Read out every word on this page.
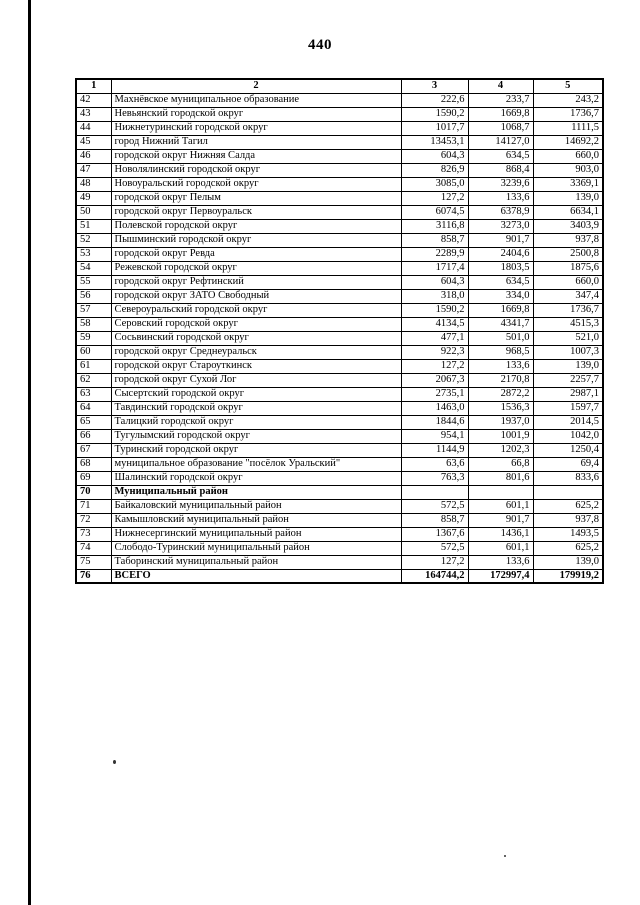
440
1	2	3	4	5
42	Махнёвское муниципальное образование	222,6	233,7	243,2
43	Невьянский городской округ	1590,2	1669,8	1736,7
44	Нижнетуринский городской округ	1017,7	1068,7	1111,5
45	город Нижний Тагил	13453,1	14127,0	14692,2
46	городской округ Нижняя Салда	604,3	634,5	660,0
47	Новолялинский городской округ	826,9	868,4	903,0
48	Новоуральский городской округ	3085,0	3239,6	3369,1
49	городской округ Пелым	127,2	133,6	139,0
50	городской округ Первоуральск	6074,5	6378,9	6634,1
51	Полевской городской округ	3116,8	3273,0	3403,9
52	Пышминский городской округ	858,7	901,7	937,8
53	городской округ Ревда	2289,9	2404,6	2500,8
54	Режевской городской округ	1717,4	1803,5	1875,6
55	городской округ Рефтинский	604,3	634,5	660,0
56	городской округ ЗАТО Свободный	318,0	334,0	347,4
57	Североуральский городской округ	1590,2	1669,8	1736,7
58	Серовский городской округ	4134,5	4341,7	4515,3
59	Сосьвинский городской округ	477,1	501,0	521,0
60	городской округ Среднеуральск	922,3	968,5	1007,3
61	городской округ Староуткинск	127,2	133,6	139,0
62	городской округ Сухой Лог	2067,3	2170,8	2257,7
63	Сысертский городской округ	2735,1	2872,2	2987,1
64	Тавдинский городской округ	1463,0	1536,3	1597,7
65	Талицкий городской округ	1844,6	1937,0	2014,5
66	Тугулымский городской округ	954,1	1001,9	1042,0
67	Туринский городской округ	1144,9	1202,3	1250,4
68	муниципальное образование "посёлок Уральский"	63,6	66,8	69,4
69	Шалинский городской округ	763,3	801,6	833,6
70	Муниципальный район			
71	Байкаловский муниципальный район	572,5	601,1	625,2
72	Камышловский муниципальный район	858,7	901,7	937,8
73	Нижнесергинский муниципальный район	1367,6	1436,1	1493,5
74	Слободо-Туринский муниципальный район	572,5	601,1	625,2
75	Таборинский муниципальный район	127,2	133,6	139,0
76	ВСЕГО	164744,2	172997,4	179919,2
